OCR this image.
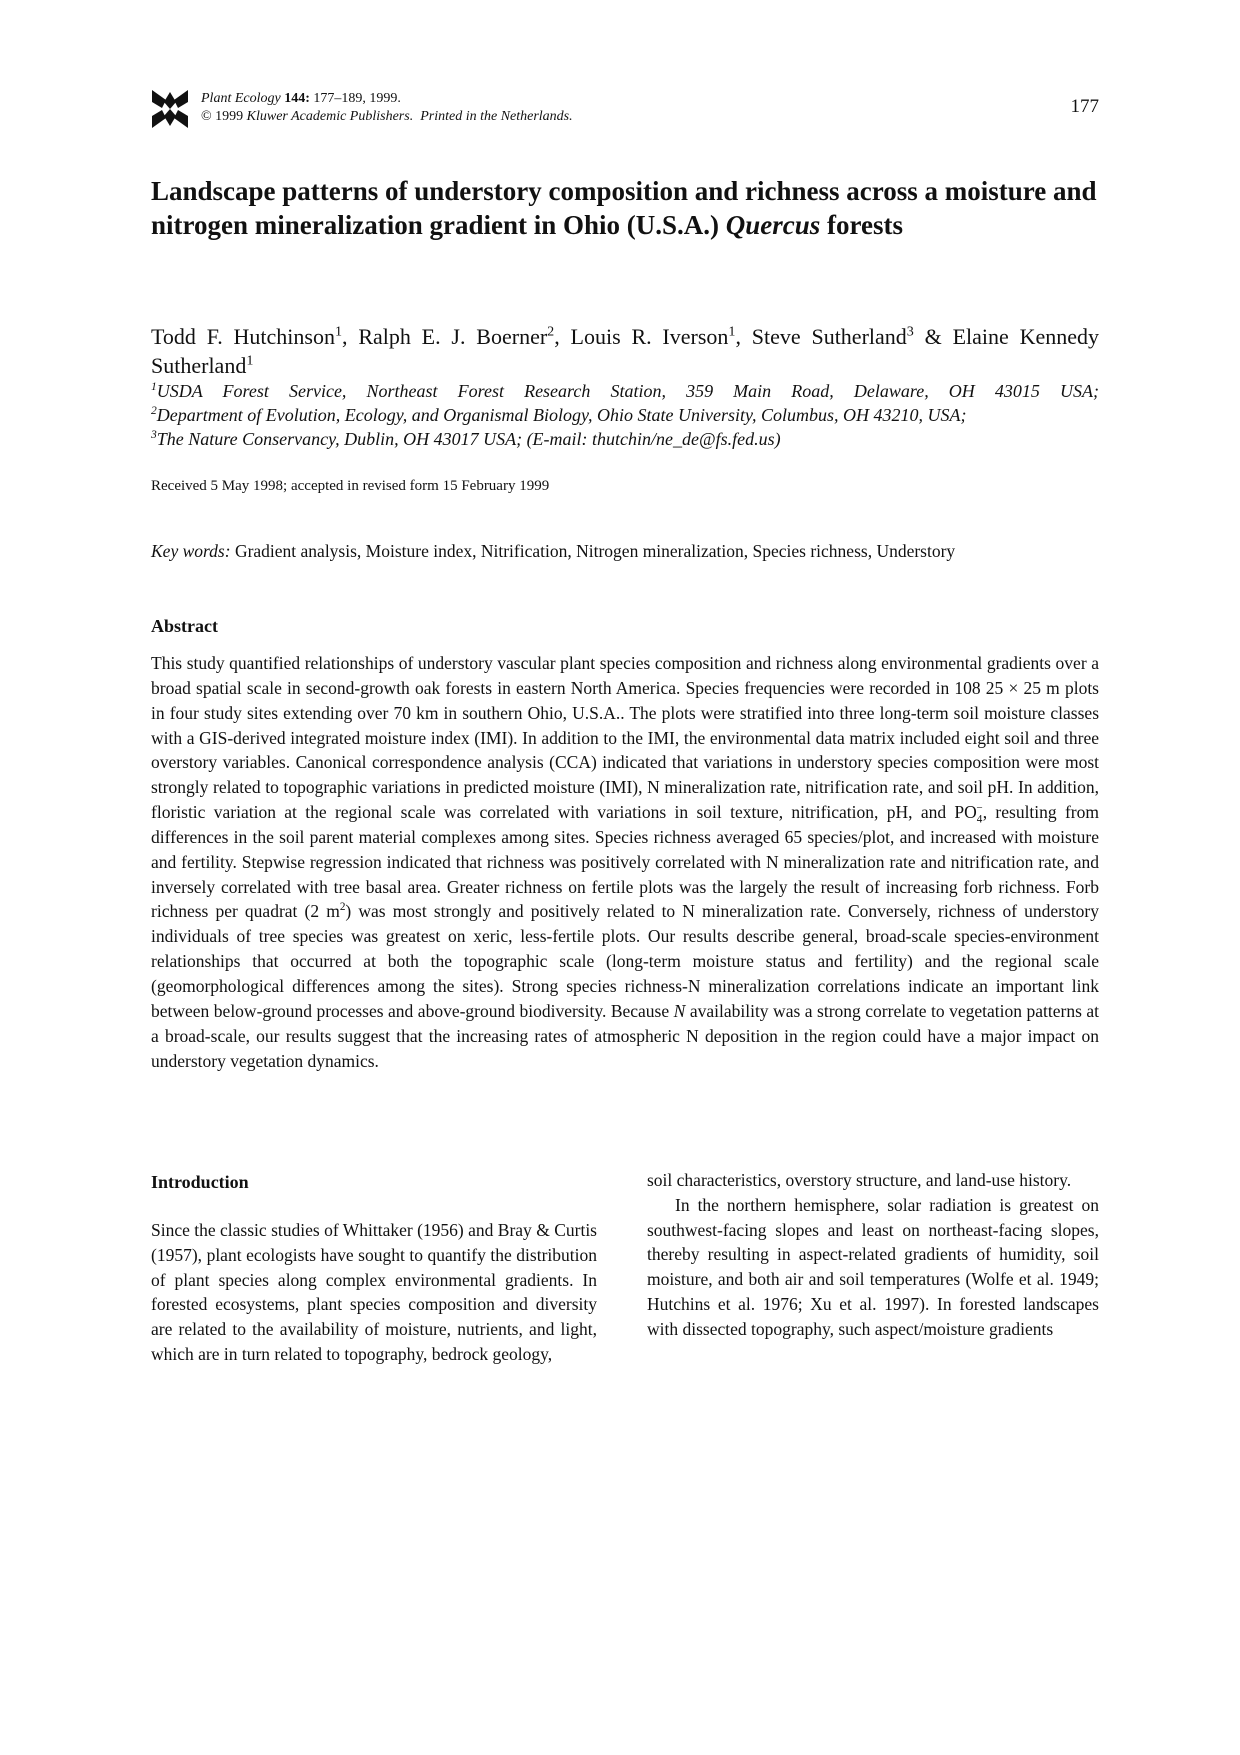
Plant Ecology 144: 177–189, 1999.
© 1999 Kluwer Academic Publishers. Printed in the Netherlands.	177
Landscape patterns of understory composition and richness across a moisture and nitrogen mineralization gradient in Ohio (U.S.A.) Quercus forests
Todd F. Hutchinson$^1$, Ralph E. J. Boerner$^2$, Louis R. Iverson$^1$, Steve Sutherland$^3$ & Elaine Kennedy Sutherland$^1$
$^1$USDA Forest Service, Northeast Forest Research Station, 359 Main Road, Delaware, OH 43015 USA;
$^2$Department of Evolution, Ecology, and Organismal Biology, Ohio State University, Columbus, OH 43210, USA;
$^3$The Nature Conservancy, Dublin, OH 43017 USA; (E-mail: thutchin/ne_de@fs.fed.us)
Received 5 May 1998; accepted in revised form 15 February 1999
Key words: Gradient analysis, Moisture index, Nitrification, Nitrogen mineralization, Species richness, Understory
Abstract
This study quantified relationships of understory vascular plant species composition and richness along environmental gradients over a broad spatial scale in second-growth oak forests in eastern North America. Species frequencies were recorded in 108 25 × 25 m plots in four study sites extending over 70 km in southern Ohio, U.S.A.. The plots were stratified into three long-term soil moisture classes with a GIS-derived integrated moisture index (IMI). In addition to the IMI, the environmental data matrix included eight soil and three overstory variables. Canonical correspondence analysis (CCA) indicated that variations in understory species composition were most strongly related to topographic variations in predicted moisture (IMI), N mineralization rate, nitrification rate, and soil pH. In addition, floristic variation at the regional scale was correlated with variations in soil texture, nitrification, pH, and $PO_4^-$, resulting from differences in the soil parent material complexes among sites. Species richness averaged 65 species/plot, and increased with moisture and fertility. Stepwise regression indicated that richness was positively correlated with N mineralization rate and nitrification rate, and inversely correlated with tree basal area. Greater richness on fertile plots was the largely the result of increasing forb richness. Forb richness per quadrat (2 $m^2$) was most strongly and positively related to N mineralization rate. Conversely, richness of understory individuals of tree species was greatest on xeric, less-fertile plots. Our results describe general, broad-scale species-environment relationships that occurred at both the topographic scale (long-term moisture status and fertility) and the regional scale (geomorphological differences among the sites). Strong species richness-N mineralization correlations indicate an important link between below-ground processes and above-ground biodiversity. Because N availability was a strong correlate to vegetation patterns at a broad-scale, our results suggest that the increasing rates of atmospheric N deposition in the region could have a major impact on understory vegetation dynamics.
Introduction

Since the classic studies of Whittaker (1956) and Bray & Curtis (1957), plant ecologists have sought to quantify the distribution of plant species along complex environmental gradients. In forested ecosystems, plant species composition and diversity are related to the availability of moisture, nutrients, and light, which are in turn related to topography, bedrock geology,

soil characteristics, overstory structure, and land-use history.

In the northern hemisphere, solar radiation is greatest on southwest-facing slopes and least on northeast-facing slopes, thereby resulting in aspect-related gradients of humidity, soil moisture, and both air and soil temperatures (Wolfe et al. 1949; Hutchins et al. 1976; Xu et al. 1997). In forested landscapes with dissected topography, such aspect/moisture gradients
